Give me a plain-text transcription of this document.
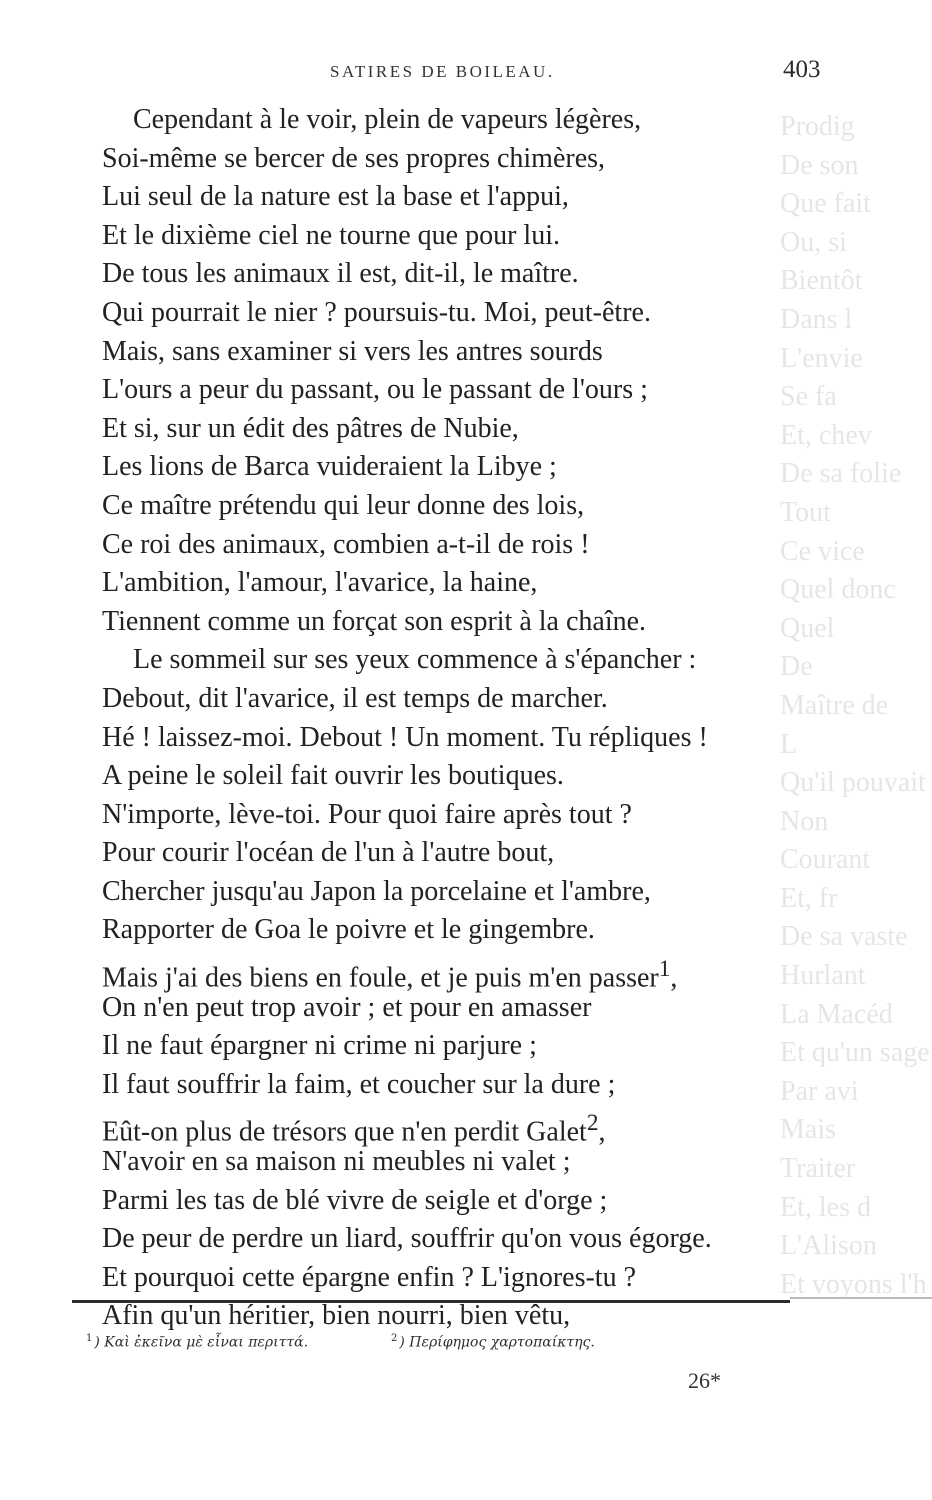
Prodig
De son
Que fait
Ou, si
Bientôt
Dans l
L'envie
Se fa
Et, chev
De sa folie
Tout
Ce vice
Quel donc
Quel
De
Maître de
L
Qu'il pouvait
Non
Courant
Et, fr
De sa vaste
Hurlant
La Macéd
Et qu'un sage
Par avi
Mais
Traiter
Et, les d
L'Alison
Et voyons l'h
SATIRES DE BOILEAU.	403
Cependant à le voir, plein de vapeurs légères,
Soi-même se bercer de ses propres chimères,
Lui seul de la nature est la base et l'appui,
Et le dixième ciel ne tourne que pour lui.
De tous les animaux il est, dit-il, le maître.
Qui pourrait le nier ? poursuis-tu. Moi, peut-être.
Mais, sans examiner si vers les antres sourds
L'ours a peur du passant, ou le passant de l'ours ;
Et si, sur un édit des pâtres de Nubie,
Les lions de Barca vuideraient la Libye ;
Ce maître prétendu qui leur donne des lois,
Ce roi des animaux, combien a-t-il de rois !
L'ambition, l'amour, l'avarice, la haine,
Tiennent comme un forçat son esprit à la chaîne.
Le sommeil sur ses yeux commence à s'épancher :
Debout, dit l'avarice, il est temps de marcher.
Hé ! laissez-moi. Debout ! Un moment. Tu répliques !
A peine le soleil fait ouvrir les boutiques.
N'importe, lève-toi. Pour quoi faire après tout ?
Pour courir l'océan de l'un à l'autre bout,
Chercher jusqu'au Japon la porcelaine et l'ambre,
Rapporter de Goa le poivre et le gingembre.
Mais j'ai des biens en foule, et je puis m'en passer$^1$,
On n'en peut trop avoir ; et pour en amasser
Il ne faut épargner ni crime ni parjure ;
Il faut souffrir la faim, et coucher sur la dure ;
Eût-on plus de trésors que n'en perdit Galet$^2$,
N'avoir en sa maison ni meubles ni valet ;
Parmi les tas de blé vivre de seigle et d'orge ;
De peur de perdre un liard, souffrir qu'on vous égorge.
Et pourquoi cette épargne enfin ? L'ignores-tu ?
Afin qu'un héritier, bien nourri, bien vêtu,
$^1$ ) Καὶ ἐκεῖνα μὲ εἶναι περιττά.	$^2$ ) Περίφημος χαρτοπαίκτης.
26*
